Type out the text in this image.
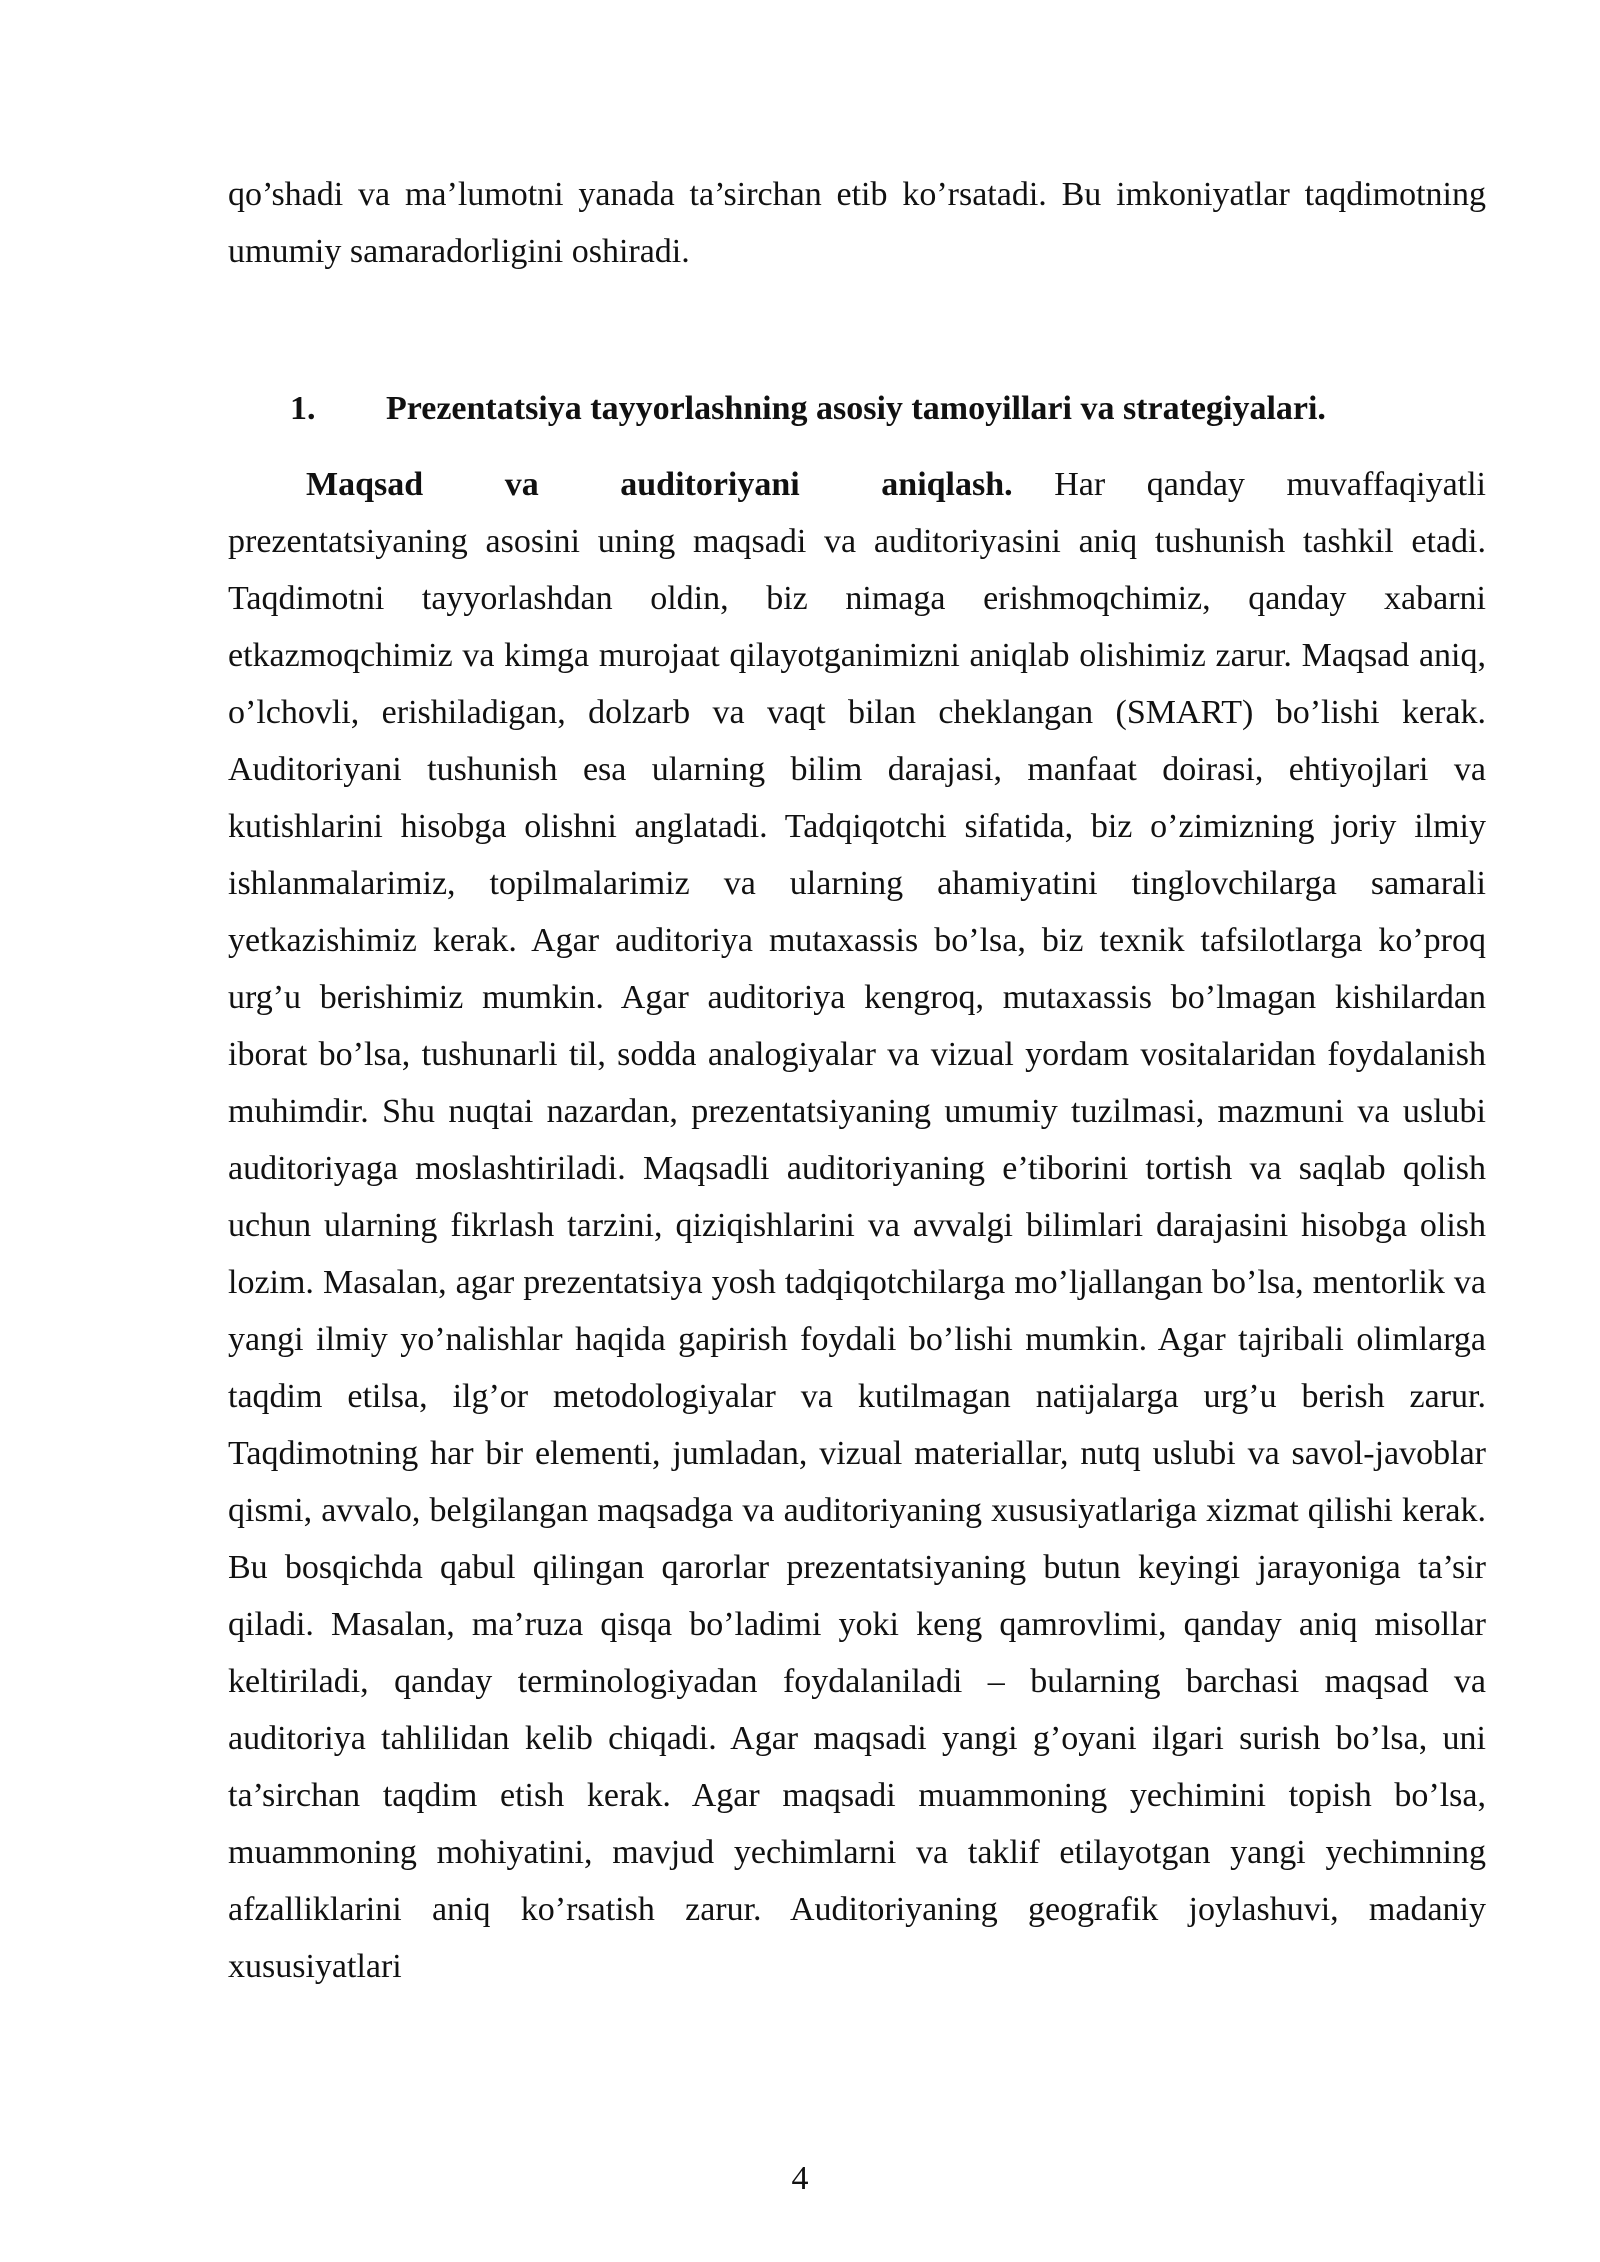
qo’shadi va ma’lumotni yanada ta’sirchan etib ko’rsatadi. Bu imkoniyatlar taqdimotning umumiy samaradorligini oshiradi.

1. Prezentatsiya tayyorlashning asosiy tamoyillari va strategiyalari.

Maqsad va auditoriyani aniqlash. Har qanday muvaffaqiyatli prezentatsiyaning asosini uning maqsadi va auditoriyasini aniq tushunish tashkil etadi. Taqdimotni tayyorlashdan oldin, biz nimaga erishmoqchimiz, qanday xabarni etkazmoqchimiz va kimga murojaat qilayotganimizni aniqlab olishimiz zarur. Maqsad aniq, o’lchovli, erishiladigan, dolzarb va vaqt bilan cheklangan (SMART) bo’lishi kerak. Auditoriyani tushunish esa ularning bilim darajasi, manfaat doirasi, ehtiyojlari va kutishlarini hisobga olishni anglatadi. Tadqiqotchi sifatida, biz o’zimizning joriy ilmiy ishlanmalarimiz, topilmalarimiz va ularning ahamiyatini tinglovchilarga samarali yetkazishimiz kerak. Agar auditoriya mutaxassis bo’lsa, biz texnik tafsilotlarga ko’proq urg’u berishimiz mumkin. Agar auditoriya kengroq, mutaxassis bo’lmagan kishilardan iborat bo’lsa, tushunarli til, sodda analogiyalar va vizual yordam vositalaridan foydalanish muhimdir. Shu nuqtai nazardan, prezentatsiyaning umumiy tuzilmasi, mazmuni va uslubi auditoriyaga moslashtiriladi. Maqsadli auditoriyaning e’tiborini tortish va saqlab qolish uchun ularning fikrlash tarzini, qiziqishlarini va avvalgi bilimlari darajasini hisobga olish lozim. Masalan, agar prezentatsiya yosh tadqiqotchilarga mo’ljallangan bo’lsa, mentorlik va yangi ilmiy yo’nalishlar haqida gapirish foydali bo’lishi mumkin. Agar tajribali olimlarga taqdim etilsa, ilg’or metodologiyalar va kutilmagan natijalarga urg’u berish zarur. Taqdimotning har bir elementi, jumladan, vizual materiallar, nutq uslubi va savol-javoblar qismi, avvalo, belgilangan maqsadga va auditoriyaning xususiyatlariga xizmat qilishi kerak. Bu bosqichda qabul qilingan qarorlar prezentatsiyaning butun keyingi jarayoniga ta’sir qiladi. Masalan, ma’ruza qisqa bo’ladimi yoki keng qamrovlimi, qanday aniq misollar keltiriladi, qanday terminologiyadan foydalaniladi – bularning barchasi maqsad va auditoriya tahlilidan kelib chiqadi. Agar maqsadi yangi g’oyani ilgari surish bo’lsa, uni ta’sirchan taqdim etish kerak. Agar maqsadi muammoning yechimini topish bo’lsa, muammoning mohiyatini, mavjud yechimlarni va taklif etilayotgan yangi yechimning afzalliklarini aniq ko’rsatish zarur. Auditoriyaning geografik joylashuvi, madaniy xususiyatlari

4
